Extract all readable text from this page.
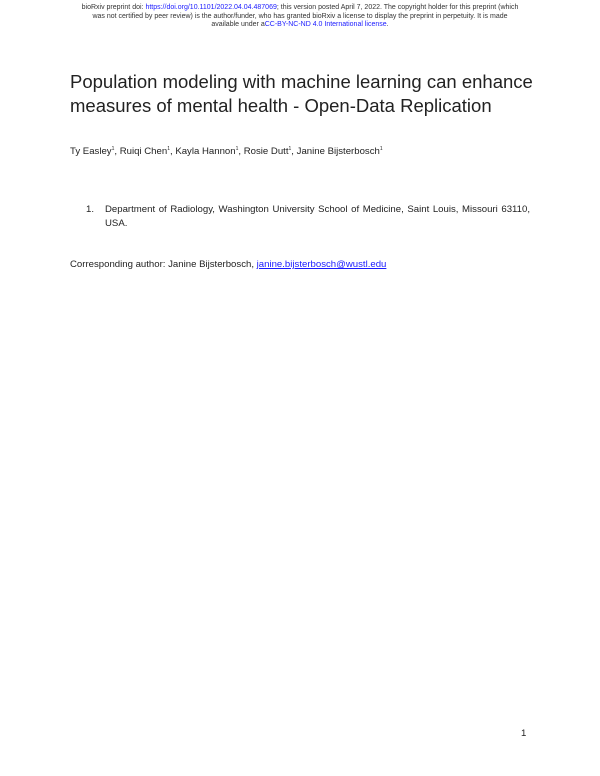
bioRxiv preprint doi: https://doi.org/10.1101/2022.04.04.487069; this version posted April 7, 2022. The copyright holder for this preprint (which
was not certified by peer review) is the author/funder, who has granted bioRxiv a license to display the preprint in perpetuity. It is made
available under aCC-BY-NC-ND 4.0 International license.
Population modeling with machine learning can enhance
measures of mental health - Open-Data Replication
Ty Easley$^1$, Ruiqi Chen$^1$, Kayla Hannon$^1$, Rosie Dutt$^1$, Janine Bijsterbosch$^1$
1. Department of Radiology, Washington University School of Medicine, Saint Louis, Missouri 63110, USA.
Corresponding author: Janine Bijsterbosch, janine.bijsterbosch@wustl.edu
1
